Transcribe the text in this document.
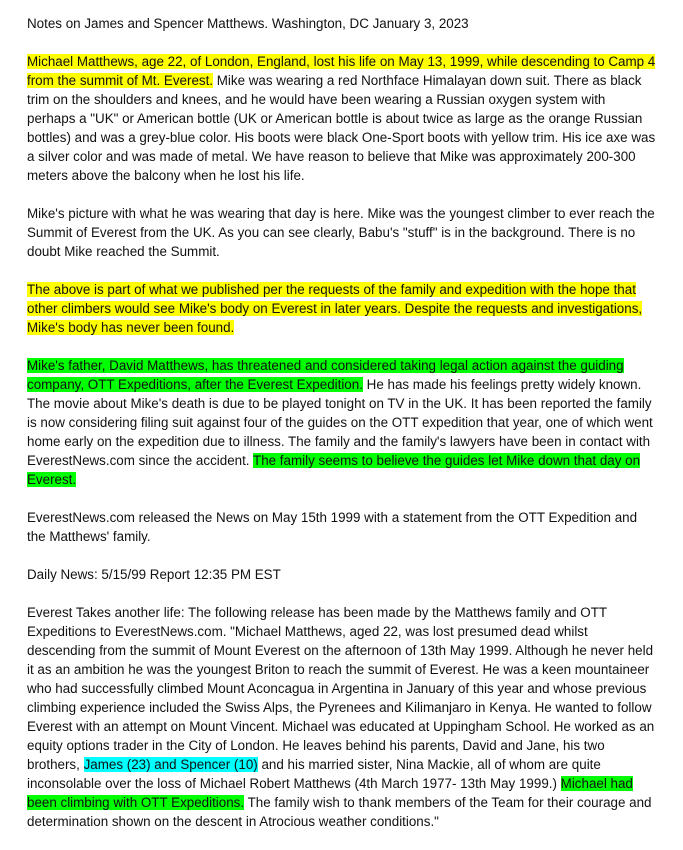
Notes on James and Spencer Matthews. Washington, DC January 3, 2023

Michael Matthews, age 22, of London, England, lost his life on May 13, 1999, while descending to Camp 4 from the summit of Mt. Everest. Mike was wearing a red Northface Himalayan down suit. There as black trim on the shoulders and knees, and he would have been wearing a Russian oxygen system with perhaps a "UK" or American bottle (UK or American bottle is about twice as large as the orange Russian bottles) and was a grey-blue color. His boots were black One-Sport boots with yellow trim. His ice axe was a silver color and was made of metal. We have reason to believe that Mike was approximately 200-300 meters above the balcony when he lost his life.

Mike's picture with what he was wearing that day is here. Mike was the youngest climber to ever reach the Summit of Everest from the UK. As you can see clearly, Babu's "stuff" is in the background. There is no doubt Mike reached the Summit.

The above is part of what we published per the requests of the family and expedition with the hope that other climbers would see Mike's body on Everest in later years. Despite the requests and investigations, Mike's body has never been found.

Mike's father, David Matthews, has threatened and considered taking legal action against the guiding company, OTT Expeditions, after the Everest Expedition. He has made his feelings pretty widely known. The movie about Mike's death is due to be played tonight on TV in the UK. It has been reported the family is now considering filing suit against four of the guides on the OTT expedition that year, one of which went home early on the expedition due to illness. The family and the family's lawyers have been in contact with EverestNews.com since the accident. The family seems to believe the guides let Mike down that day on Everest.

EverestNews.com released the News on May 15th 1999 with a statement from the OTT Expedition and the Matthews' family.

Daily News: 5/15/99 Report 12:35 PM EST

Everest Takes another life: The following release has been made by the Matthews family and OTT Expeditions to EverestNews.com. "Michael Matthews, aged 22, was lost presumed dead whilst descending from the summit of Mount Everest on the afternoon of 13th May 1999. Although he never held it as an ambition he was the youngest Briton to reach the summit of Everest. He was a keen mountaineer who had successfully climbed Mount Aconcagua in Argentina in January of this year and whose previous climbing experience included the Swiss Alps, the Pyrenees and Kilimanjaro in Kenya. He wanted to follow Everest with an attempt on Mount Vincent. Michael was educated at Uppingham School. He worked as an equity options trader in the City of London. He leaves behind his parents, David and Jane, his two brothers, James (23) and Spencer (10) and his married sister, Nina Mackie, all of whom are quite inconsolable over the loss of Michael Robert Matthews (4th March 1977- 13th May 1999.) Michael had been climbing with OTT Expeditions. The family wish to thank members of the Team for their courage and determination shown on the descent in Atrocious weather conditions."
